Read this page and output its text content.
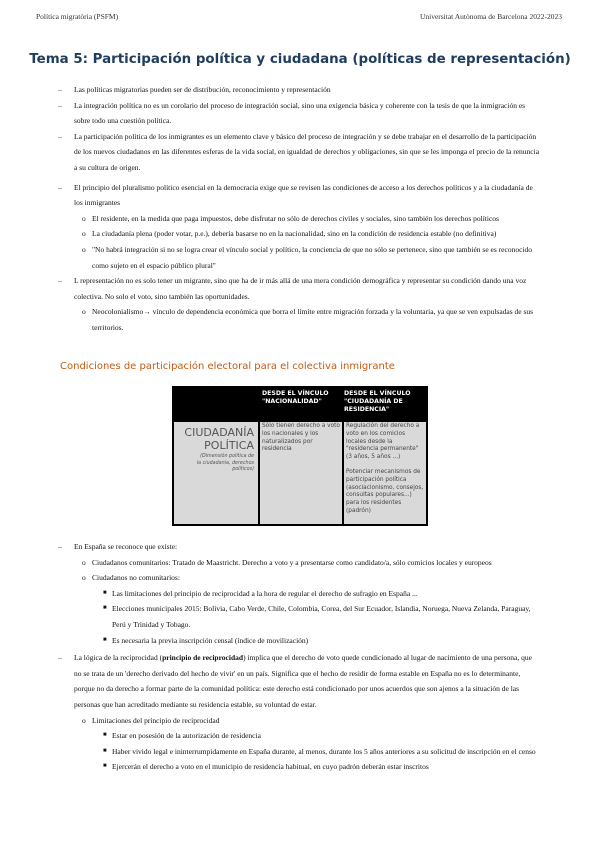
Política migratòria (PSFM)	Universitat Autònoma de Barcelona 2022-2023
Tema 5: Participación política y ciudadana (políticas de representación)

– Las políticas migratorias pueden ser de distribución, reconocimiento y representación

– La integración política no es un corolario del proceso de integración social, sino una exigencia básica y coherente con la tesis de que la inmigración es sobre todo una cuestión política.

– La participación política de los inmigrantes es un elemento clave y básico del proceso de integración y se debe trabajar en el desarrollo de la participación de los nuevos ciudadanos en las diferentes esferas de la vida social, en igualdad de derechos y obligaciones, sin que se les imponga el precio de la renuncia a su cultura de origen.

– El principio del pluralismo político esencial en la democracia exige que se revisen las condiciones de acceso a los derechos políticos y a la ciudadanía de los inmigrantes

o El residente, en la medida que paga impuestos, debe disfrutar no sólo de derechos civiles y sociales, sino también los derechos políticos

o La ciudadanía plena (poder votar, p.e.), debería basarse no en la nacionalidad, sino en la condición de residencia estable (no definitiva)

o "No habrá integración si no se logra crear el vínculo social y político, la conciencia de que no sólo se pertenece, sino que también se es reconocido como sujeto en el espacio público plural"

– L representación no es solo tener un migrante, sino que ha de ir más allá de una mera condición demográfica y representar su condición dando una voz colectiva. No solo el voto, sino también las oportunidades.

o Neocolonialismo→ vínculo de dependencia económica que borra el límite entre migración forzada y la voluntaria, ya que se ven expulsadas de sus territorios.

Condiciones de participación electoral para el colectiva inmigrante
DESDE EL VÍNCULO "NACIONALIDAD"
DESDE EL VÍNCULO "CIUDADANÍA DE RESIDENCIA"
CIUDADANÍA POLÍTICA
(Dimensión política de la ciudadanía, derechos políticos)
Sólo tienen derecho a voto los nacionales y los naturalizados por residencia
Regulación del derecho a voto en los comicios locales desde la "residencia permanente" (3 años, 5 años ...)
Potenciar mecanismos de participación política (asociacionismo, consejos, consultas populares...) para los residentes (padrón)

– En España se reconoce que existe:

o Ciudadanos comunitarios: Tratado de Maastricht. Derecho a voto y a presentarse como candidato/a, sólo comicios locales y europeos

o Ciudadanos no comunitarios:

■ Las limitaciones del principio de reciprocidad a la hora de regular el derecho de sufragio en España ...

■ Elecciones municipales 2015: Bolivia, Cabo Verde, Chile, Colombia, Corea, del Sur Ecuador, Islandia, Noruega, Nueva Zelanda, Paraguay, Perú y Trinidad y Tobago.

■ Es necesaria la previa inscripción censal (índice de movilización)

– La lógica de la reciprocidad (principio de reciprocidad) implica que el derecho de voto quede condicionado al lugar de nacimiento de una persona, que no se trata de un 'derecho derivado del hecho de vivir' en un país. Significa que el hecho de residir de forma estable en España no es lo determinante, porque no da derecho a formar parte de la comunidad política: este derecho está condicionado por unos acuerdos que son ajenos a la situación de las personas que han acreditado mediante su residencia estable, su voluntad de estar.

o Limitaciones del principio de reciprocidad

■ Estar en posesión de la autorización de residencia

■ Haber vivido legal e ininterrumpidamente en España durante, al menos, durante los 5 años anteriores a su solicitud de inscripción en el censo

■ Ejercerán el derecho a voto en el municipio de residencia habitual, en cuyo padrón deberán estar inscritos
